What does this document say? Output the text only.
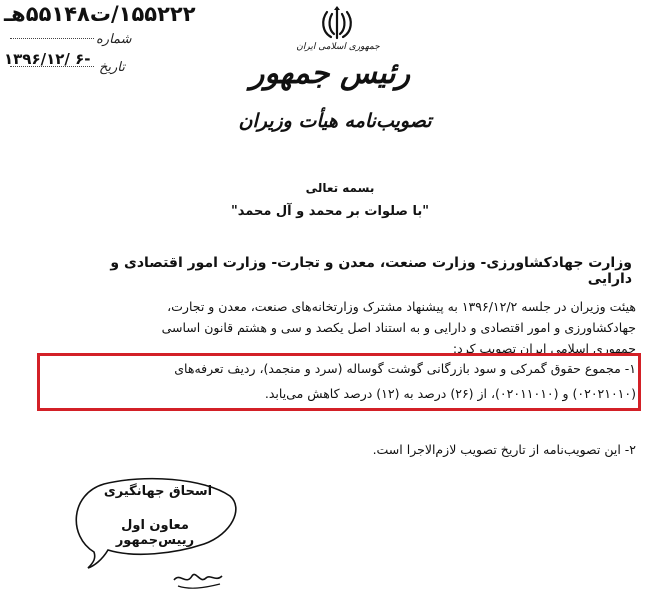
۱۵۵۲۲۲/ت۵۵۱۴۸هـ
شماره
۱۳۹۶/۱۲/ ۶- تاریخ
جمهوری اسلامی ایران
رئیس جمهور
تصویب‌نامه هیأت وزیران
بسمه تعالی
"با صلوات بر محمد و آل محمد"
وزارت جهادکشاورزی- وزارت صنعت، معدن و تجارت- وزارت امور اقتصادی و دارایی
هیئت وزیران در جلسه ۱۳۹۶/۱۲/۲ به پیشنهاد مشترک وزارتخانه‌های صنعت، معدن و تجارت،
جهادکشاورزی و امور اقتصادی و دارایی و به استناد اصل یکصد و سی و هشتم قانون اساسی
جمهوری اسلامی ایران تصویب کرد:
۱- مجموع حقوق گمرکی و سود بازرگانی گوشت گوساله (سرد و منجمد)، ردیف تعرفه‌های
(۰۲۰۲۱۰۱۰) و (۰۲۰۱۱۰۱۰)، از (۲۶) درصد به (۱۲) درصد کاهش می‌یابد.
۲- این تصویب‌نامه از تاریخ تصویب لازم‌الاجرا است.
اسحاق جهانگیری
معاون اول رییس‌جمهور
